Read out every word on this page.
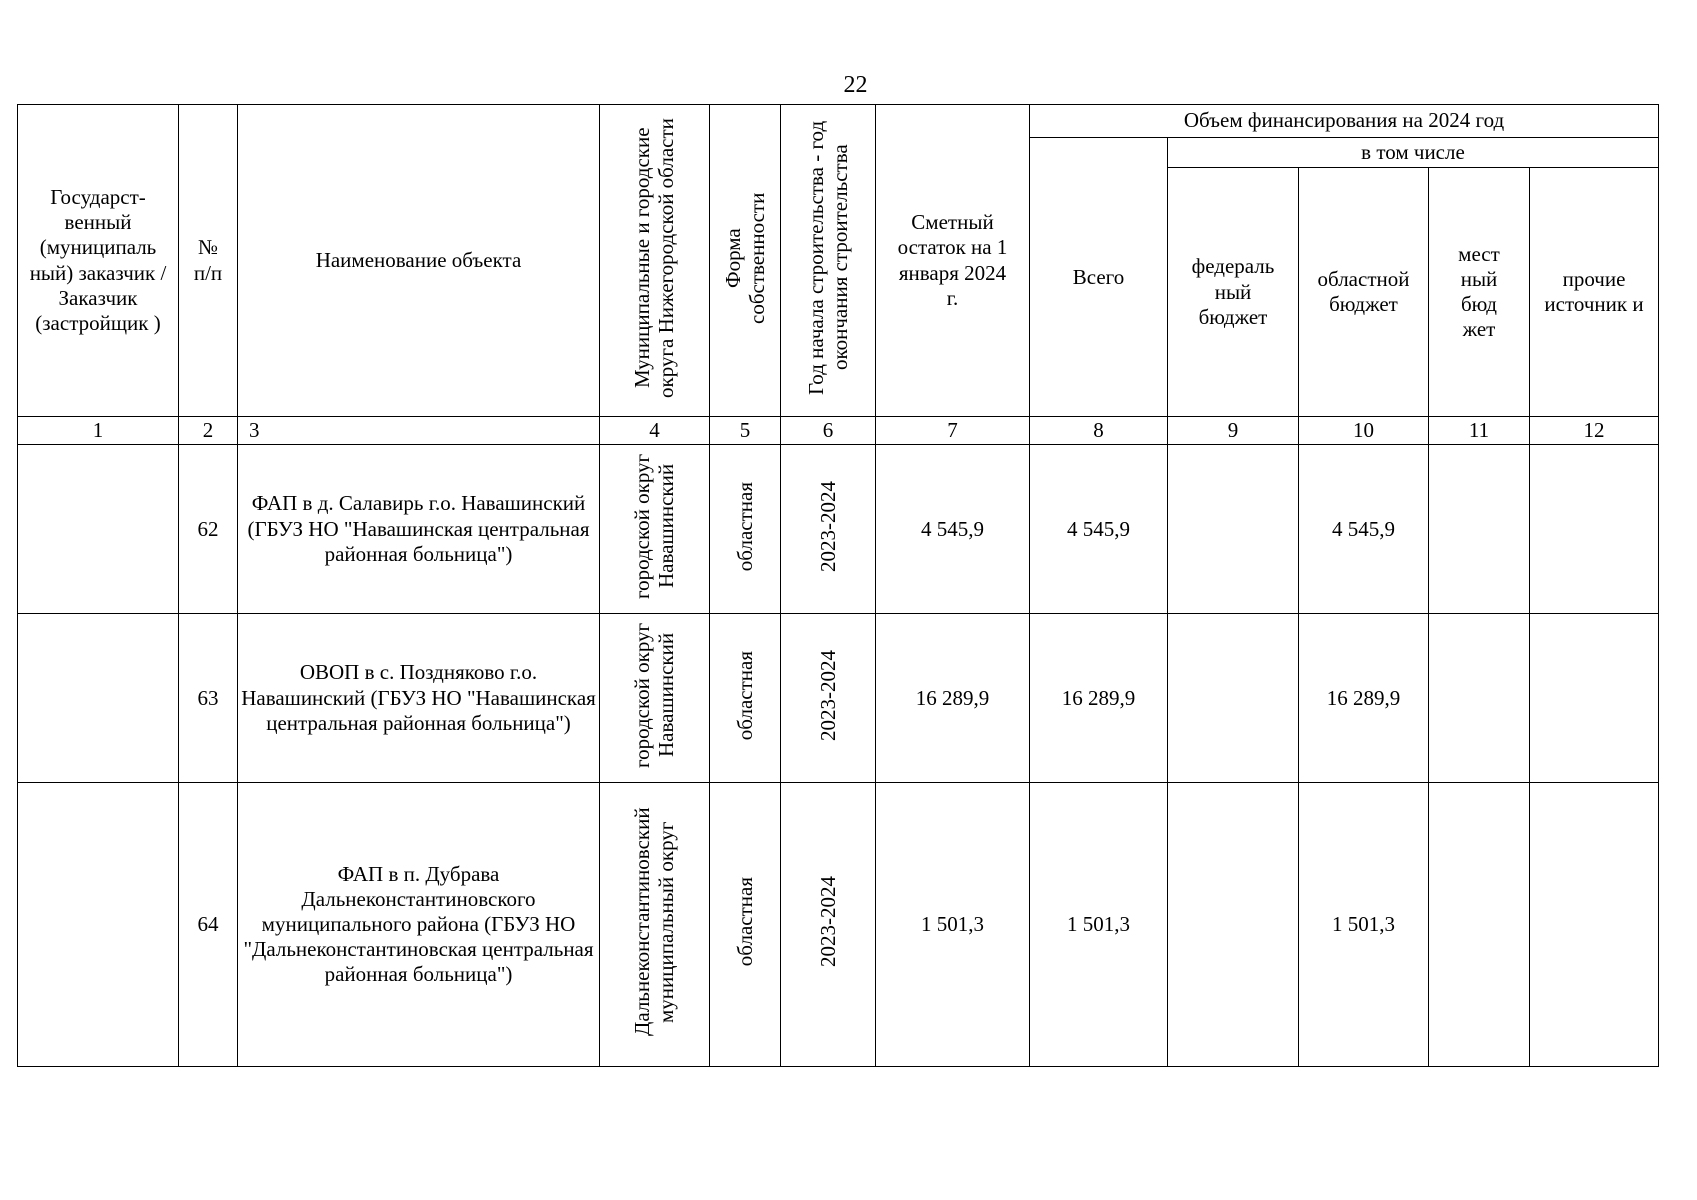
22
Государст-венный (муниципаль ный) заказчик / Заказчик (застройщик )	№ п/п	Наименование объекта	Муниципальные и городские округа Нижегородской области	Форма собственности	Год начала строительства - год окончания строительства	Сметный остаток на 1 января 2024 г.	Объем финансирования на 2024 год				
							Всего	в том числе			
								федераль ный бюджет	областной бюджет	мест ный бюд жет	прочие источник и
1	2	3	4	5	6	7	8	9	10	11	12
	62	ФАП в д. Салавирь г.о. Навашинский (ГБУЗ НО "Навашинская центральная районная больница")	городской округ Навашинский	областная	2023-2024	4 545,9	4 545,9		4 545,9		
	63	ОВОП в с. Поздняково г.о. Навашинский (ГБУЗ НО "Навашинская центральная районная больница")	городской округ Навашинский	областная	2023-2024	16 289,9	16 289,9		16 289,9		
	64	ФАП в п. Дубрава Дальнеконстантиновского муниципального района (ГБУЗ НО "Дальнеконстантиновская центральная районная больница")	Дальнеконстантиновский муниципальный округ	областная	2023-2024	1 501,3	1 501,3		1 501,3		
